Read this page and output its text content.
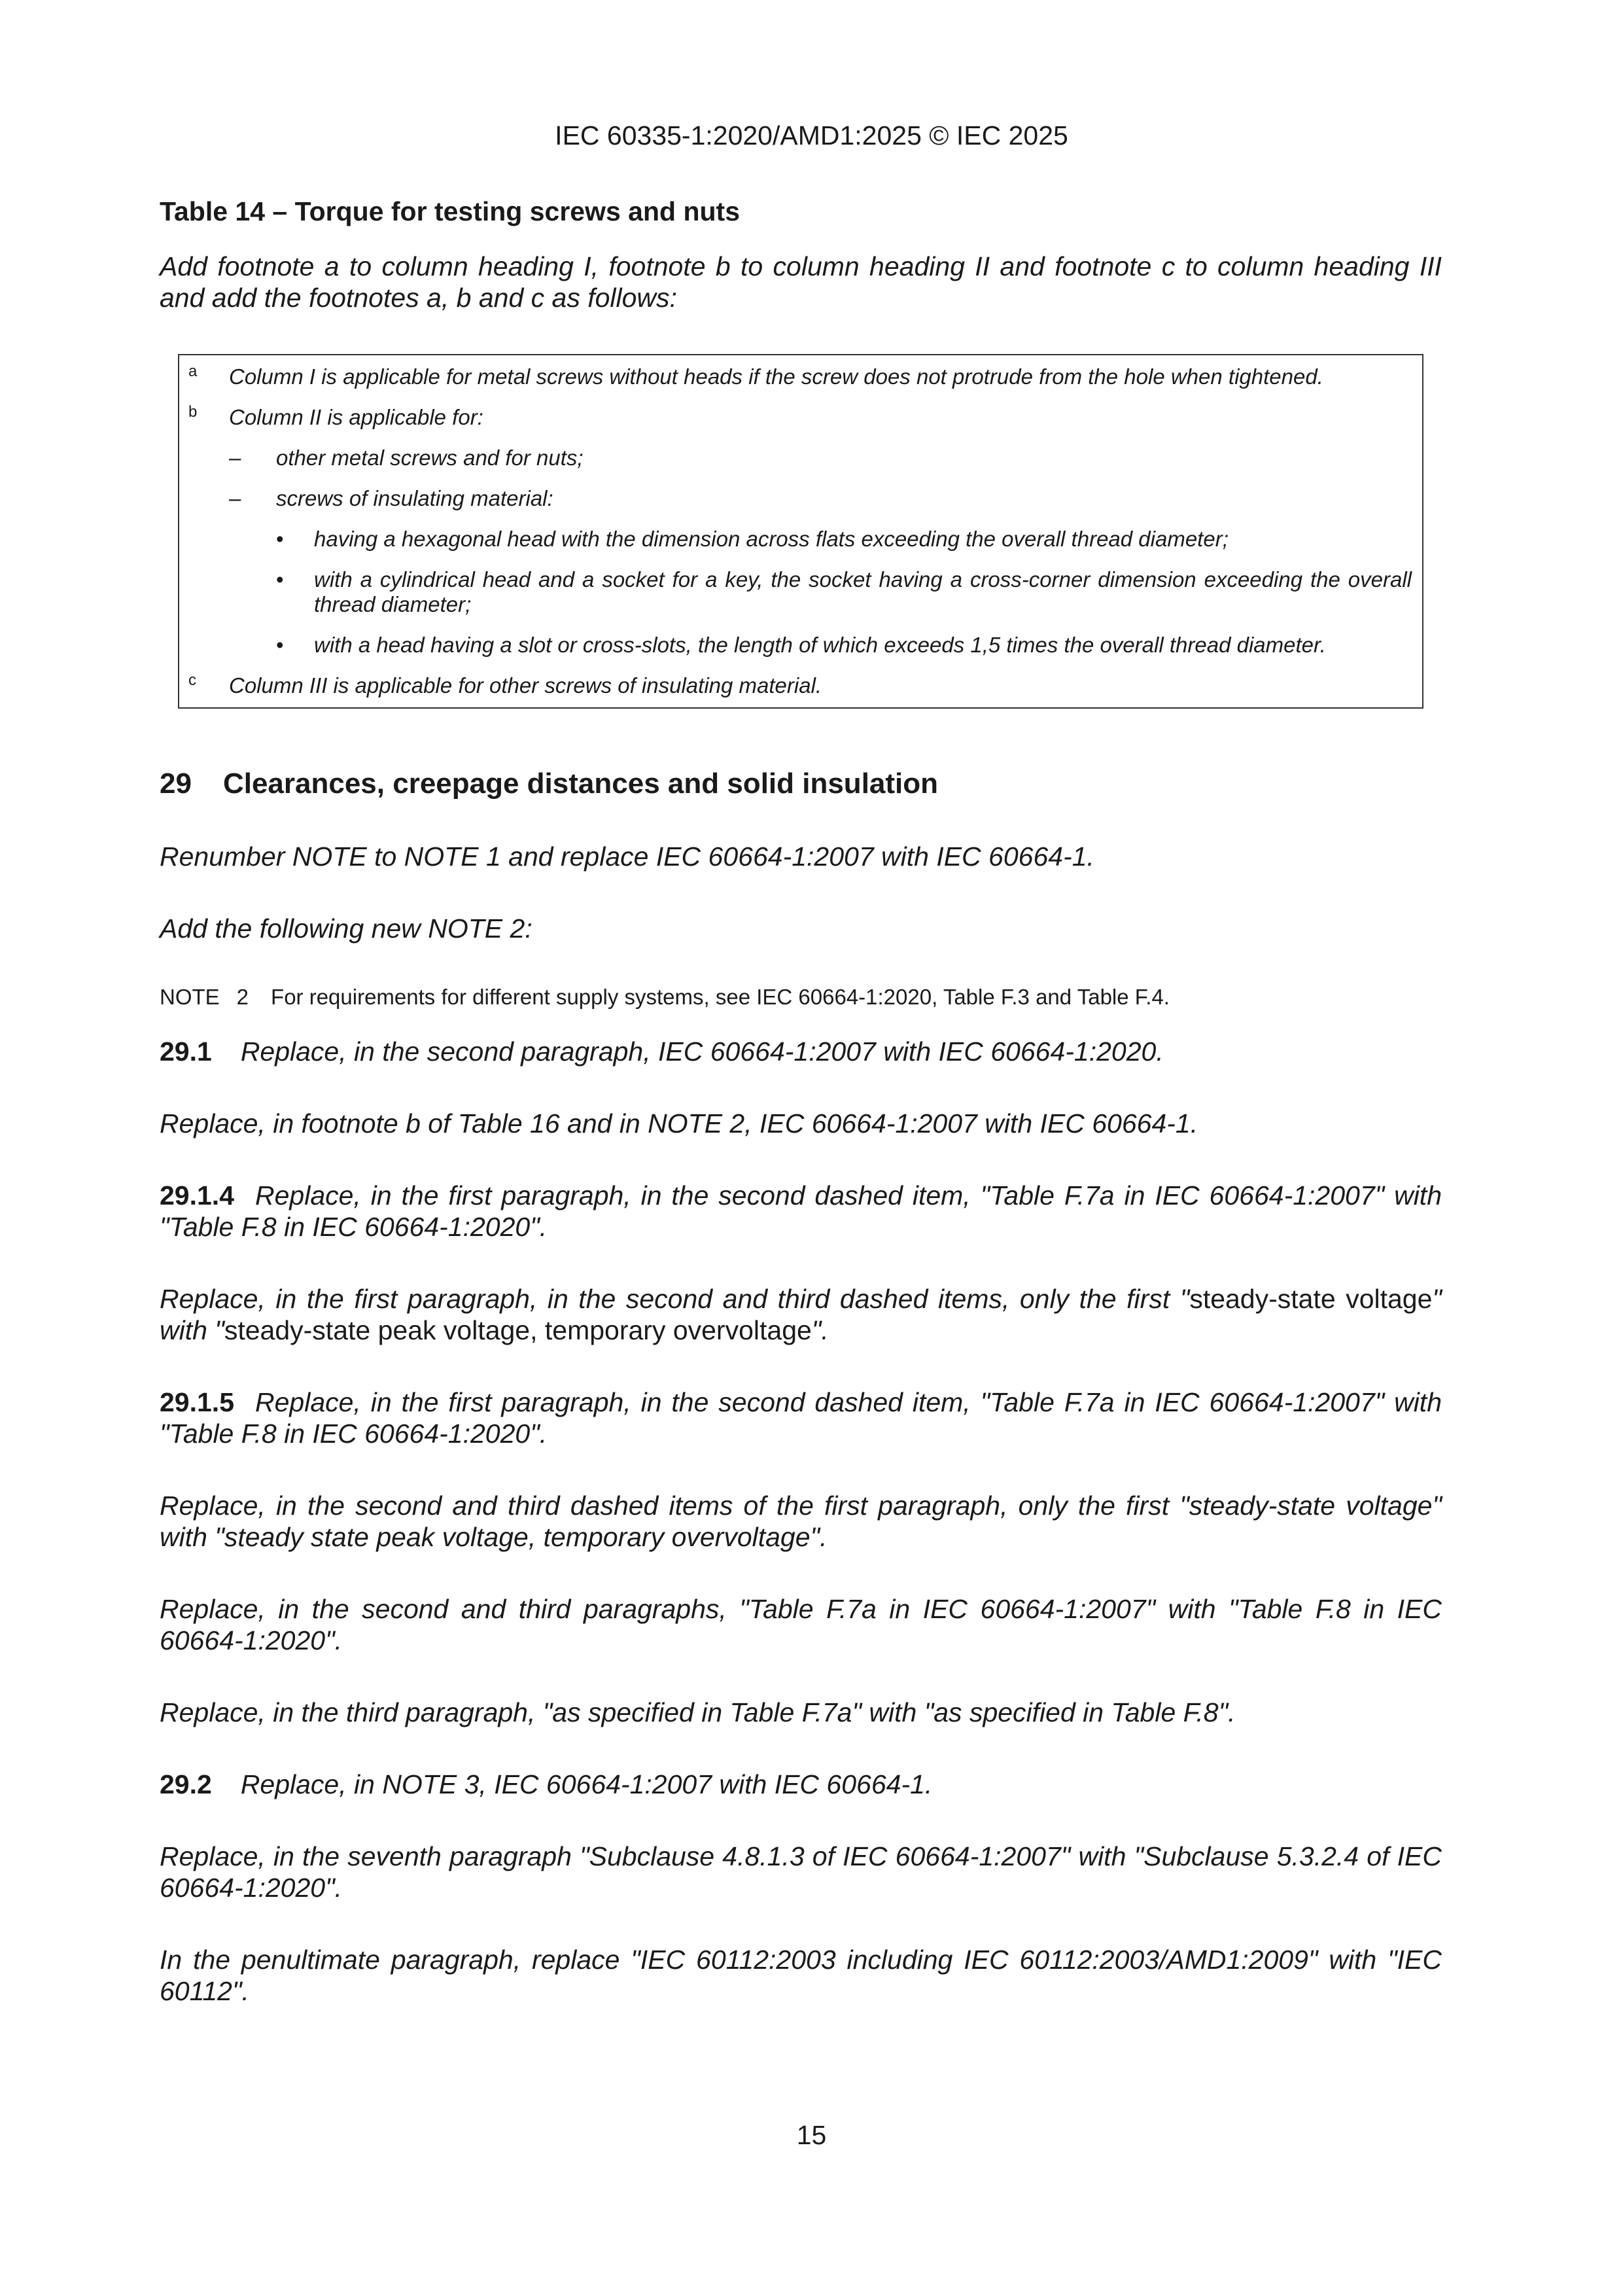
IEC 60335-1:2020/AMD1:2025 © IEC 2025
Table 14 – Torque for testing screws and nuts
Add footnote a to column heading I, footnote b to column heading II and footnote c to column heading III and add the footnotes a, b and c as follows:
a	Column I is applicable for metal screws without heads if the screw does not protrude from the hole when tightened.
b	Column II is applicable for:
–	other metal screws and for nuts;
–	screws of insulating material:
•	having a hexagonal head with the dimension across flats exceeding the overall thread diameter;
•	with a cylindrical head and a socket for a key, the socket having a cross-corner dimension exceeding the overall thread diameter;
•	with a head having a slot or cross-slots, the length of which exceeds 1,5 times the overall thread diameter.
c	Column III is applicable for other screws of insulating material.
29 Clearances, creepage distances and solid insulation
Renumber NOTE to NOTE 1 and replace IEC 60664-1:2007 with IEC 60664-1.
Add the following new NOTE 2:
NOTE 2 For requirements for different supply systems, see IEC 60664-1:2020, Table F.3 and Table F.4.
29.1 Replace, in the second paragraph, IEC 60664-1:2007 with IEC 60664-1:2020.
Replace, in footnote b of Table 16 and in NOTE 2, IEC 60664-1:2007 with IEC 60664-1.
29.1.4 Replace, in the first paragraph, in the second dashed item, "Table F.7a in IEC 60664-1:2007" with "Table F.8 in IEC 60664-1:2020".
Replace, in the first paragraph, in the second and third dashed items, only the first "steady-state voltage" with "steady-state peak voltage, temporary overvoltage".
29.1.5 Replace, in the first paragraph, in the second dashed item, "Table F.7a in IEC 60664-1:2007" with "Table F.8 in IEC 60664-1:2020".
Replace, in the second and third dashed items of the first paragraph, only the first "steady-state voltage" with "steady state peak voltage, temporary overvoltage".
Replace, in the second and third paragraphs, "Table F.7a in IEC 60664-1:2007" with "Table F.8 in IEC 60664-1:2020".
Replace, in the third paragraph, "as specified in Table F.7a" with "as specified in Table F.8".
29.2 Replace, in NOTE 3, IEC 60664-1:2007 with IEC 60664-1.
Replace, in the seventh paragraph "Subclause 4.8.1.3 of IEC 60664-1:2007" with "Subclause 5.3.2.4 of IEC 60664-1:2020".
In the penultimate paragraph, replace "IEC 60112:2003 including IEC 60112:2003/AMD1:2009" with "IEC 60112".
15
